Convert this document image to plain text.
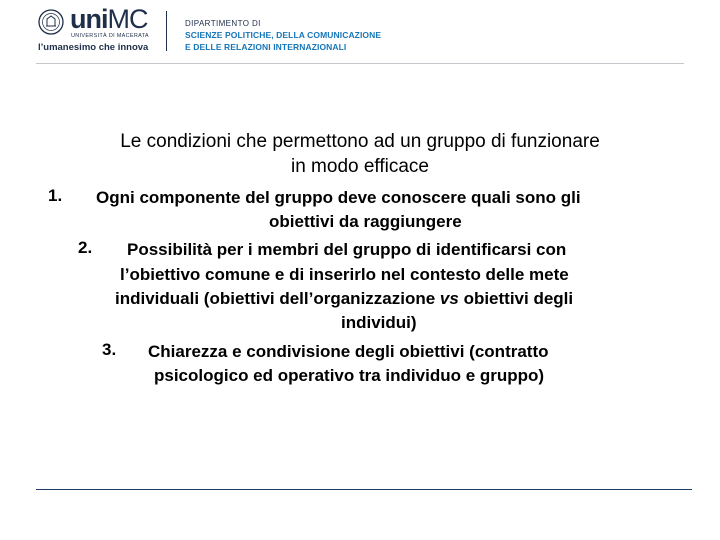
uniMC
UNIVERSITÀ DI MACERATA
l’umanesimo che innova
DIPARTIMENTO DI
SCIENZE POLITICHE, DELLA COMUNICAZIONE
E DELLE RELAZIONI INTERNAZIONALI
Le condizioni che permettono ad un gruppo di funzionare
in modo efficace
1. Ogni componente del gruppo deve conoscere quali sono gli
obiettivi da raggiungere
2. Possibilità per i membri del gruppo di identificarsi con
l’obiettivo comune e di inserirlo nel contesto delle mete
individuali (obiettivi dell’organizzazione vs obiettivi degli
individui)
3. Chiarezza e condivisione degli obiettivi (contratto
psicologico ed operativo tra individuo e gruppo)
